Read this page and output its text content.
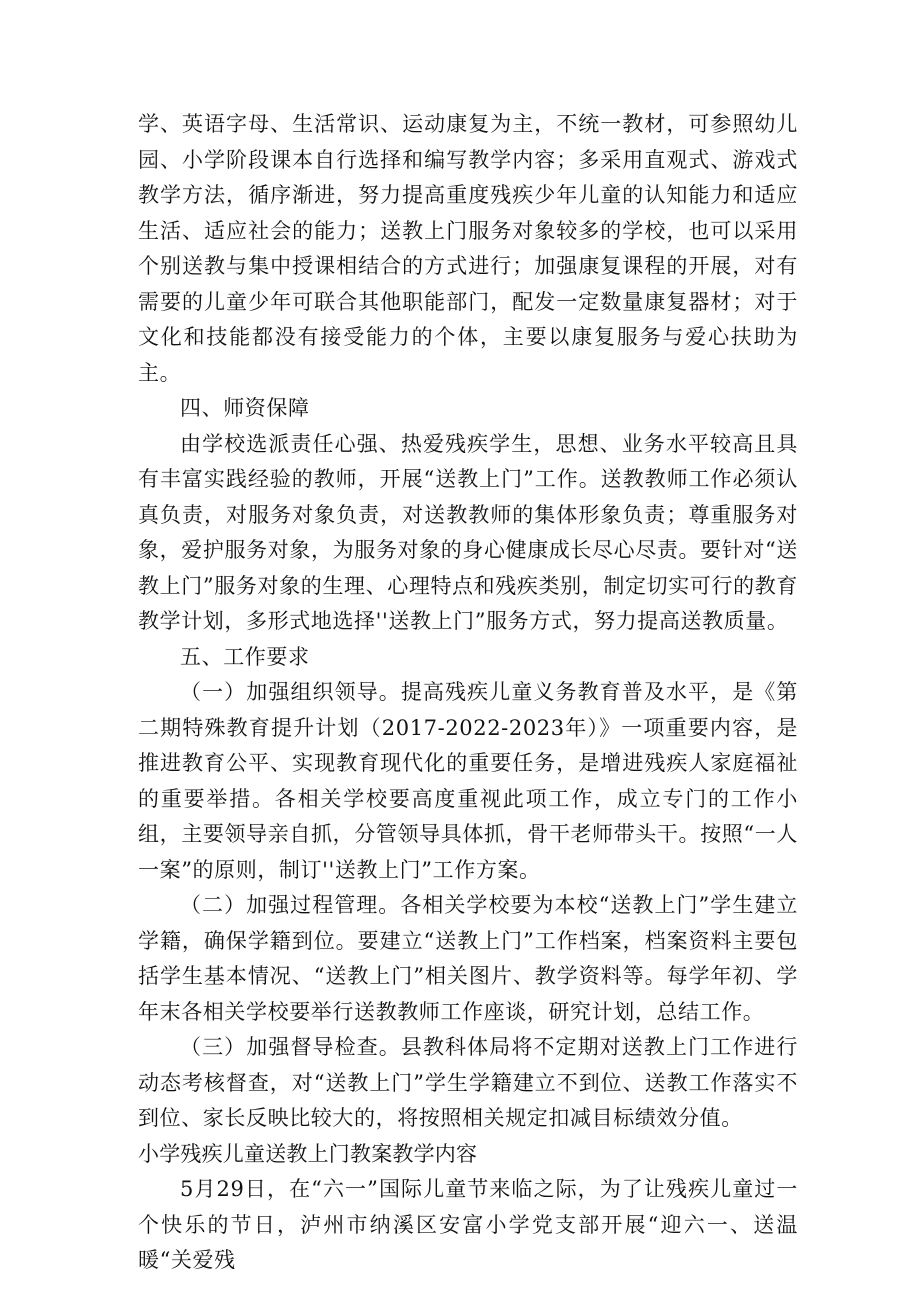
学、英语字母、生活常识、运动康复为主，不统一教材，可参照幼儿园、小学阶段课本自行选择和编写教学内容；多采用直观式、游戏式教学方法，循序渐进，努力提高重度残疾少年儿童的认知能力和适应生活、适应社会的能力；送教上门服务对象较多的学校，也可以采用个别送教与集中授课相结合的方式进行；加强康复课程的开展，对有需要的儿童少年可联合其他职能部门，配发一定数量康复器材；对于文化和技能都没有接受能力的个体，主要以康复服务与爱心扶助为主。

四、师资保障

由学校选派责任心强、热爱残疾学生，思想、业务水平较高且具有丰富实践经验的教师，开展“送教上门”工作。送教教师工作必须认真负责，对服务对象负责，对送教教师的集体形象负责；尊重服务对象，爱护服务对象，为服务对象的身心健康成长尽心尽责。要针对“送教上门”服务对象的生理、心理特点和残疾类别，制定切实可行的教育教学计划，多形式地选择''送教上门”服务方式，努力提高送教质量。

五、工作要求

（一）加强组织领导。提高残疾儿童义务教育普及水平，是《第二期特殊教育提升计划（2017-2022-2023年）》一项重要内容，是推进教育公平、实现教育现代化的重要任务，是增进残疾人家庭福祉的重要举措。各相关学校要高度重视此项工作，成立专门的工作小组，主要领导亲自抓，分管领导具体抓，骨干老师带头干。按照“一人一案”的原则，制订''送教上门”工作方案。

（二）加强过程管理。各相关学校要为本校“送教上门”学生建立学籍，确保学籍到位。要建立“送教上门”工作档案，档案资料主要包括学生基本情况、“送教上门”相关图片、教学资料等。每学年初、学年末各相关学校要举行送教教师工作座谈，研究计划，总结工作。

（三）加强督导检查。县教科体局将不定期对送教上门工作进行动态考核督查，对“送教上门”学生学籍建立不到位、送教工作落实不到位、家长反映比较大的，将按照相关规定扣减目标绩效分值。

小学残疾儿童送教上门教案教学内容

5月29日，在“六一”国际儿童节来临之际，为了让残疾儿童过一个快乐的节日，泸州市纳溪区安富小学党支部开展“迎六一、送温暖“关爱残
